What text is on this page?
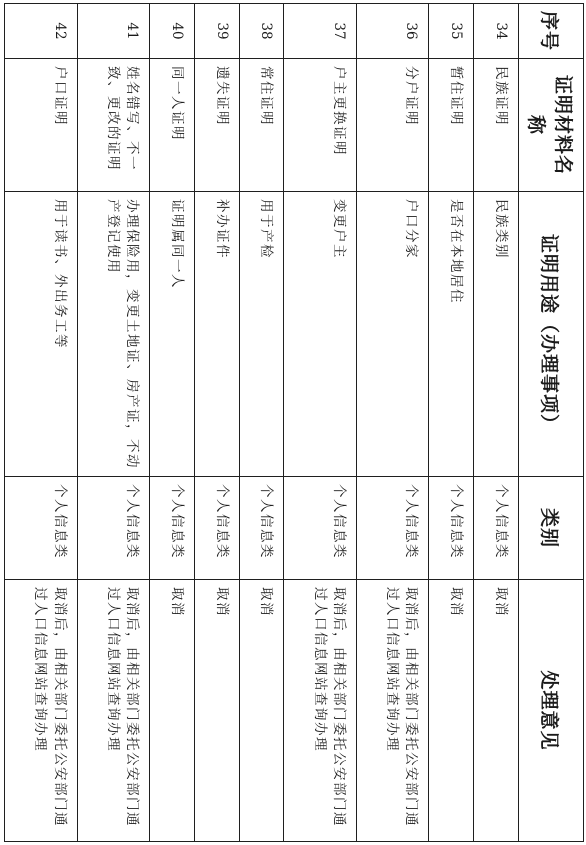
序号	证明材料名称	证明用途（办理事项）	类别	处理意见
34	民族证明	民族类别	个人信息类	取消
35	暂住证明	是否在本地居住	个人信息类	取消
36	分户证明	户口分家	个人信息类	取消后，由相关部门委托公安部门通过人口信息网站查询办理
37	户主更换证明	变更户主	个人信息类	取消后，由相关部门委托公安部门通过人口信息网站查询办理
38	常住证明	用于产检	个人信息类	取消
39	遗失证明	补办证件	个人信息类	取消
40	同一人证明	证明属同一人	个人信息类	取消
41	姓名错写、不一致、更改的证明	办理保险用，变更土地证、房产证，不动产登记使用	个人信息类	取消后，由相关部门委托公安部门通过人口信息网站查询办理
42	户口证明	用于读书、外出务工等	个人信息类	取消后，由相关部门委托公安部门通过人口信息网站查询办理
